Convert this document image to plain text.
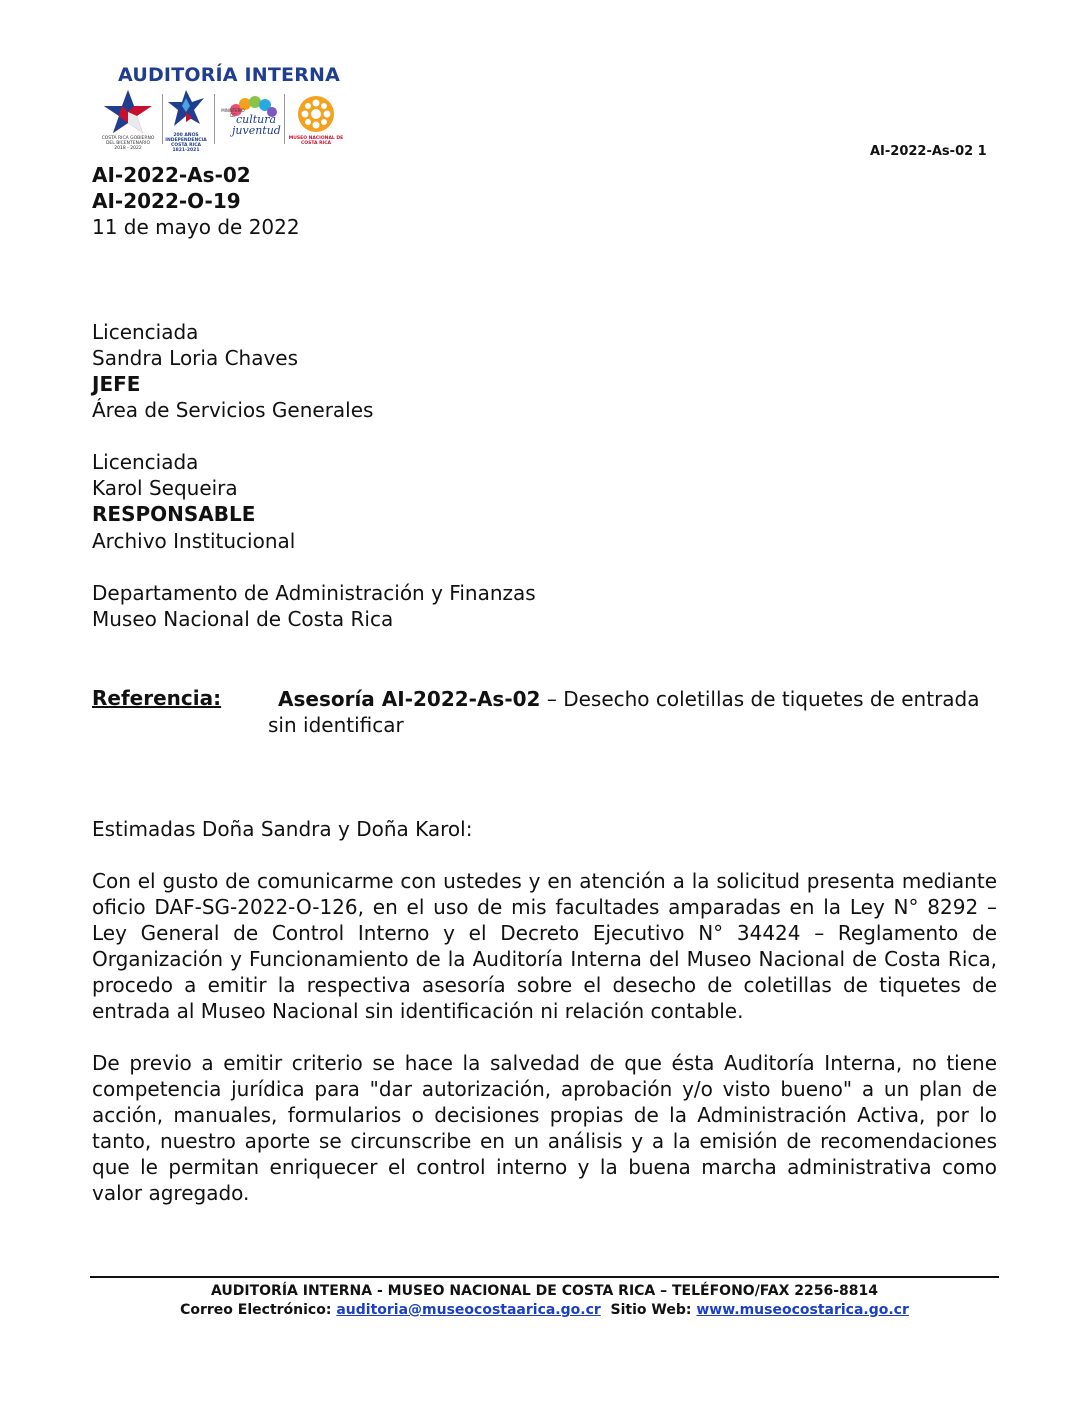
AUDITORÍA INTERNA
COSTA RICA GOBIERNO DEL BICENTENARIO 2018 - 2022
200 AÑOS INDEPENDENCIA COSTA RICA 1821-2021
MINISTERIO DE cultura
juventud
MUSEO NACIONAL DE COSTA RICA
AI-2022-As-02 1
AI-2022-As-02
AI-2022-O-19
11 de mayo de 2022
Licenciada
Sandra Loria Chaves
JEFE
Área de Servicios Generales
Licenciada
Karol Sequeira
RESPONSABLE
Archivo Institucional
Departamento de Administración y Finanzas
Museo Nacional de Costa Rica
Referencia:	Asesoría AI-2022-As-02 – Desecho coletillas de tiquetes de entrada sin identificar
Estimadas Doña Sandra y Doña Karol:
Con el gusto de comunicarme con ustedes y en atención a la solicitud presenta mediante oficio DAF-SG-2022-O-126, en el uso de mis facultades amparadas en la Ley N° 8292 – Ley General de Control Interno y el Decreto Ejecutivo N° 34424 – Reglamento de Organización y Funcionamiento de la Auditoría Interna del Museo Nacional de Costa Rica, procedo a emitir la respectiva asesoría sobre el desecho de coletillas de tiquetes de entrada al Museo Nacional sin identificación ni relación contable.
De previo a emitir criterio se hace la salvedad de que ésta Auditoría Interna, no tiene competencia jurídica para "dar autorización, aprobación y/o visto bueno" a un plan de acción, manuales, formularios o decisiones propias de la Administración Activa, por lo tanto, nuestro aporte se circunscribe en un análisis y a la emisión de recomendaciones que le permitan enriquecer el control interno y la buena marcha administrativa como valor agregado.
AUDITORÍA INTERNA - MUSEO NACIONAL DE COSTA RICA – TELÉFONO/FAX 2256-8814
Correo Electrónico: auditoria@museocostaarica.go.cr  Sitio Web: www.museocostarica.go.cr
